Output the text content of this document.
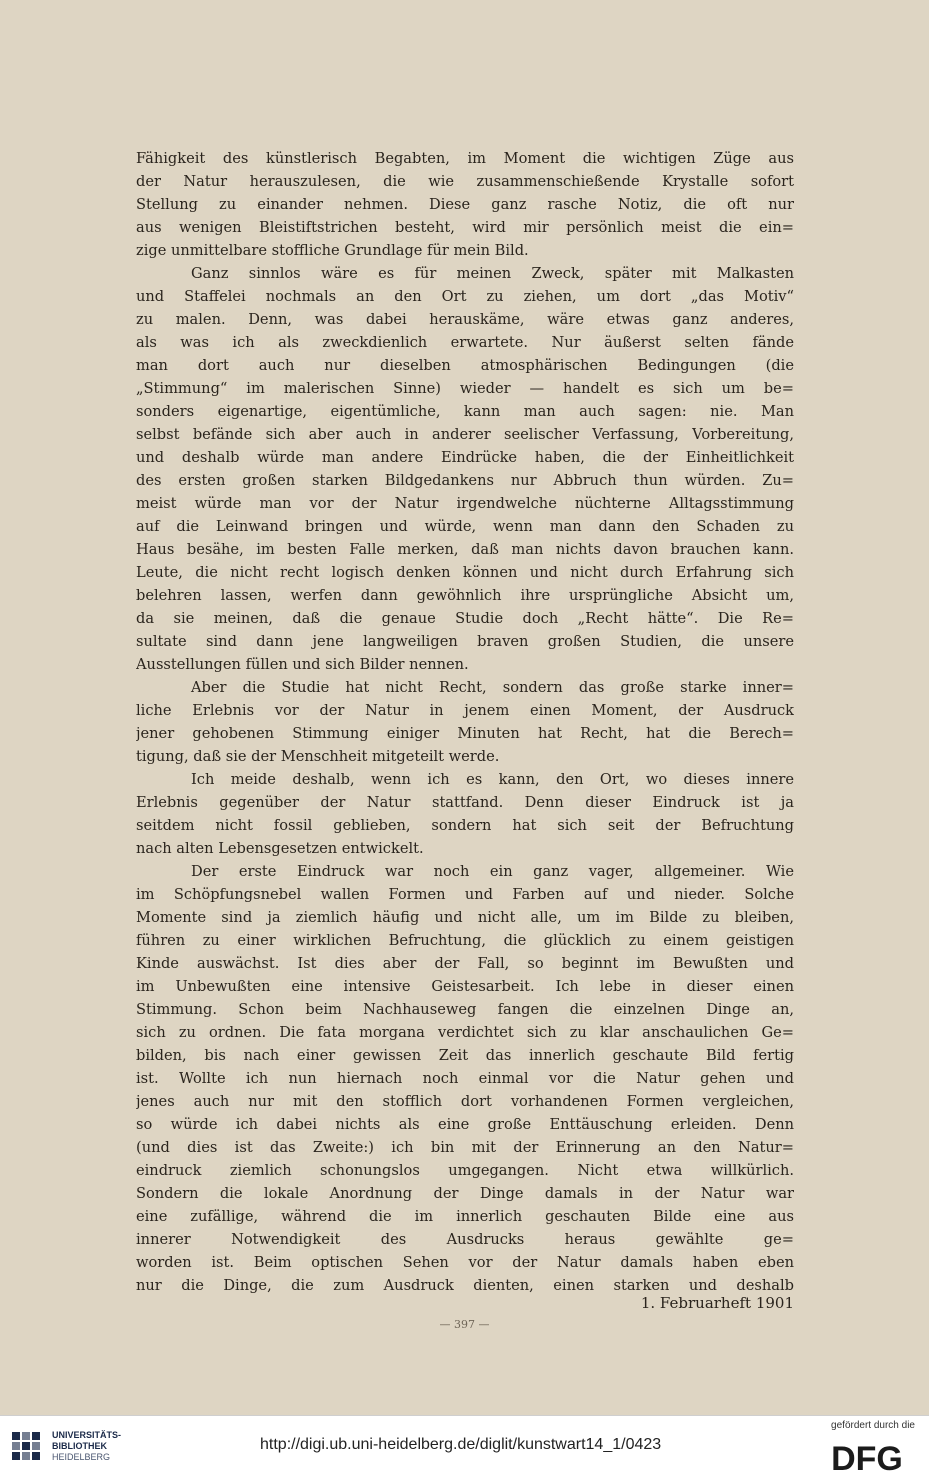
Fähigkeit des künstlerisch Begabten, im Moment die wichtigen Züge aus
der Natur herauszulesen, die wie zusammenschießende Krystalle sofort
Stellung zu einander nehmen. Diese ganz rasche Notiz, die oft nur
aus wenigen Bleistiftstrichen besteht, wird mir persönlich meist die ein=
zige unmittelbare stoffliche Grundlage für mein Bild.
Ganz sinnlos wäre es für meinen Zweck, später mit Malkasten
und Staffelei nochmals an den Ort zu ziehen, um dort „das Motiv“
zu malen. Denn, was dabei herauskäme, wäre etwas ganz anderes,
als was ich als zweckdienlich erwartete. Nur äußerst selten fände
man dort auch nur dieselben atmosphärischen Bedingungen (die
„Stimmung“ im malerischen Sinne) wieder — handelt es sich um be=
sonders eigenartige, eigentümliche, kann man auch sagen: nie. Man
selbst befände sich aber auch in anderer seelischer Verfassung, Vorbereitung,
und deshalb würde man andere Eindrücke haben, die der Einheitlichkeit
des ersten großen starken Bildgedankens nur Abbruch thun würden. Zu=
meist würde man vor der Natur irgendwelche nüchterne Alltagsstimmung
auf die Leinwand bringen und würde, wenn man dann den Schaden zu
Haus besähe, im besten Falle merken, daß man nichts davon brauchen kann.
Leute, die nicht recht logisch denken können und nicht durch Erfahrung sich
belehren lassen, werfen dann gewöhnlich ihre ursprüngliche Absicht um,
da sie meinen, daß die genaue Studie doch „Recht hätte“. Die Re=
sultate sind dann jene langweiligen braven großen Studien, die unsere
Ausstellungen füllen und sich Bilder nennen.
Aber die Studie hat nicht Recht, sondern das große starke inner=
liche Erlebnis vor der Natur in jenem einen Moment, der Ausdruck
jener gehobenen Stimmung einiger Minuten hat Recht, hat die Berech=
tigung, daß sie der Menschheit mitgeteilt werde.
Ich meide deshalb, wenn ich es kann, den Ort, wo dieses innere
Erlebnis gegenüber der Natur stattfand. Denn dieser Eindruck ist ja
seitdem nicht fossil geblieben, sondern hat sich seit der Befruchtung
nach alten Lebensgesetzen entwickelt.
Der erste Eindruck war noch ein ganz vager, allgemeiner. Wie
im Schöpfungsnebel wallen Formen und Farben auf und nieder. Solche
Momente sind ja ziemlich häufig und nicht alle, um im Bilde zu bleiben,
führen zu einer wirklichen Befruchtung, die glücklich zu einem geistigen
Kinde auswächst. Ist dies aber der Fall, so beginnt im Bewußten und
im Unbewußten eine intensive Geistesarbeit. Ich lebe in dieser einen
Stimmung. Schon beim Nachhauseweg fangen die einzelnen Dinge an,
sich zu ordnen. Die fata morgana verdichtet sich zu klar anschaulichen Ge=
bilden, bis nach einer gewissen Zeit das innerlich geschaute Bild fertig
ist. Wollte ich nun hiernach noch einmal vor die Natur gehen und
jenes auch nur mit den stofflich dort vorhandenen Formen vergleichen,
so würde ich dabei nichts als eine große Enttäuschung erleiden. Denn
(und dies ist das Zweite:) ich bin mit der Erinnerung an den Natur=
eindruck ziemlich schonungslos umgegangen. Nicht etwa willkürlich.
Sondern die lokale Anordnung der Dinge damals in der Natur war
eine zufällige, während die im innerlich geschauten Bilde eine aus
innerer Notwendigkeit des Ausdrucks heraus gewählte ge=
worden ist. Beim optischen Sehen vor der Natur damals haben eben
nur die Dinge, die zum Ausdruck dienten, einen starken und deshalb
1. Februarheft 1901
— 397 —
UNIVERSITÄTS-
BIBLIOTHEK
HEIDELBERG
http://digi.ub.uni-heidelberg.de/diglit/kunstwart14_1/0423
gefördert durch die
DFG
